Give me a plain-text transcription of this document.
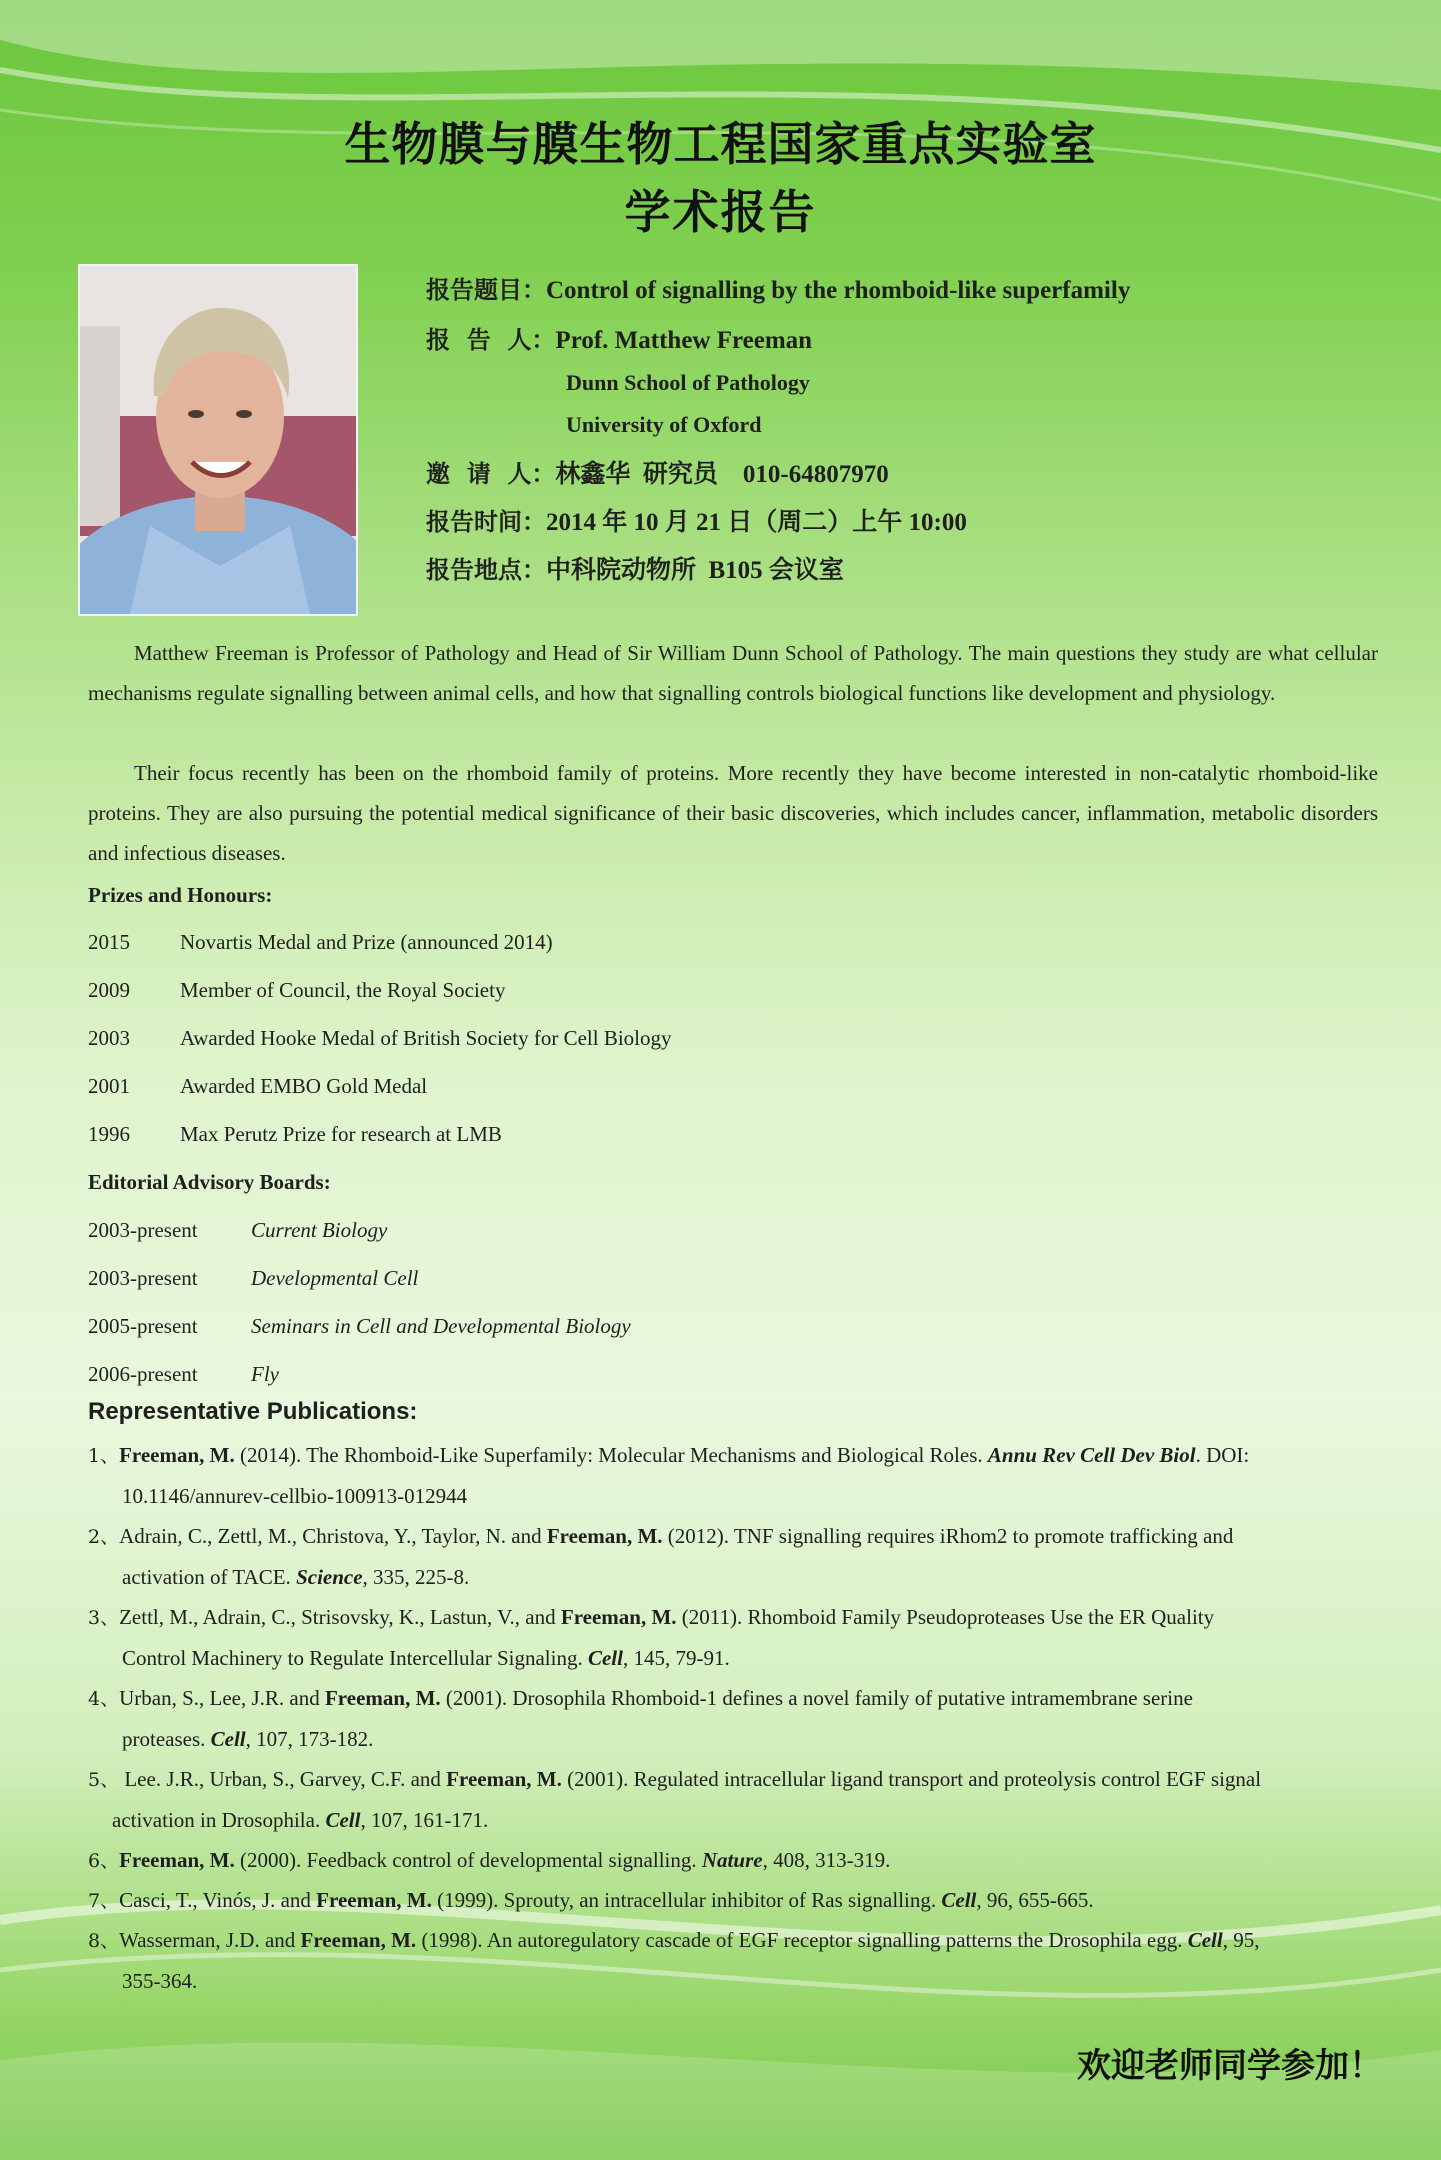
生物膜与膜生物工程国家重点实验室
学术报告
报告题目：Control of signalling by the rhomboid-like superfamily
报  告  人：Prof. Matthew Freeman
Dunn School of Pathology
University of Oxford
邀  请  人：林鑫华  研究员    010-64807970
报告时间：2014 年 10 月 21 日（周二）上午 10:00
报告地点：中科院动物所  B105 会议室
Matthew Freeman is Professor of Pathology and Head of Sir William Dunn School of Pathology. The main questions they study are what cellular mechanisms regulate signalling between animal cells, and how that signalling controls biological functions like development and physiology.
Their focus recently has been on the rhomboid family of proteins. More recently they have become interested in non-catalytic rhomboid-like proteins. They are also pursuing the potential medical significance of their basic discoveries, which includes cancer, inflammation, metabolic disorders and infectious diseases.
Prizes and Honours:
2015 Novartis Medal and Prize (announced 2014)
2009 Member of Council, the Royal Society
2003 Awarded Hooke Medal of British Society for Cell Biology
2001 Awarded EMBO Gold Medal
1996 Max Perutz Prize for research at LMB
Editorial Advisory Boards:
2003-present	Current Biology
2003-present	Developmental Cell
2005-present	Seminars in Cell and Developmental Biology
2006-present	Fly
Representative Publications:
1、Freeman, M. (2014). The Rhomboid-Like Superfamily: Molecular Mechanisms and Biological Roles. Annu Rev Cell Dev Biol. DOI:
10.1146/annurev-cellbio-100913-012944
2、Adrain, C., Zettl, M., Christova, Y., Taylor, N. and Freeman, M. (2012). TNF signalling requires iRhom2 to promote trafficking and
activation of TACE. Science, 335, 225-8.
3、Zettl, M., Adrain, C., Strisovsky, K., Lastun, V., and Freeman, M. (2011). Rhomboid Family Pseudoproteases Use the ER Quality
Control Machinery to Regulate Intercellular Signaling. Cell, 145, 79-91.
4、Urban, S., Lee, J.R. and Freeman, M. (2001). Drosophila Rhomboid-1 defines a novel family of putative intramembrane serine
proteases. Cell, 107, 173-182.
5、 Lee. J.R., Urban, S., Garvey, C.F. and Freeman, M. (2001). Regulated intracellular ligand transport and proteolysis control EGF signal
activation in Drosophila. Cell, 107, 161-171.
6、Freeman, M. (2000). Feedback control of developmental signalling. Nature, 408, 313-319.
7、Casci, T., Vinós, J. and Freeman, M. (1999). Sprouty, an intracellular inhibitor of Ras signalling. Cell, 96, 655-665.
8、Wasserman, J.D. and Freeman, M. (1998). An autoregulatory cascade of EGF receptor signalling patterns the Drosophila egg. Cell, 95,
355-364.
欢迎老师同学参加！
